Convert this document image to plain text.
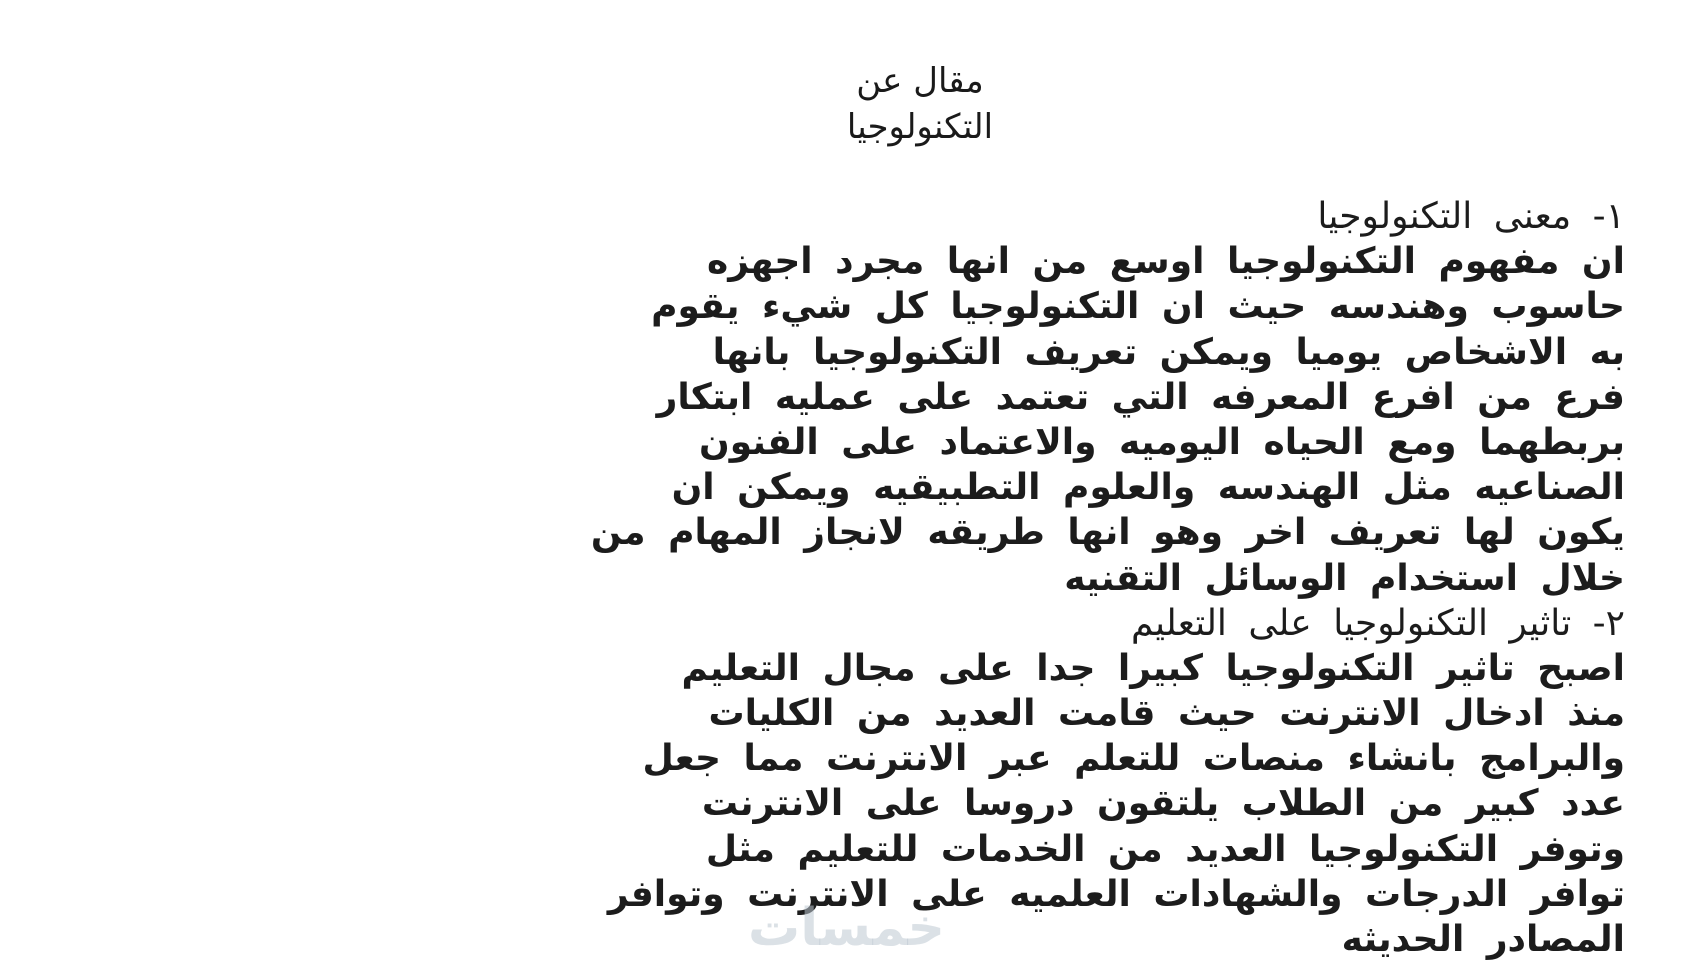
مقال عن
التكنولوجيا
١- معنى التكنولوجيا
ان مفهوم التكنولوجيا اوسع من انها مجرد اجهزه
حاسوب وهندسه حيث ان التكنولوجيا كل شيء يقوم
به الاشخاص يوميا ويمكن تعريف التكنولوجيا بانها
فرع من افرع المعرفه التي تعتمد على عمليه ابتكار
بربطهما ومع الحياه اليوميه والاعتماد على الفنون
الصناعيه مثل الهندسه والعلوم التطبيقيه ويمكن ان
يكون لها تعريف اخر وهو انها طريقه لانجاز المهام من
خلال استخدام الوسائل التقنيه
٢- تاثير التكنولوجيا على التعليم
اصبح تاثير التكنولوجيا كبيرا جدا على مجال التعليم
منذ ادخال الانترنت حيث قامت العديد من الكليات
والبرامج بانشاء منصات للتعلم عبر الانترنت مما جعل
عدد كبير من الطلاب يلتقون دروسا على الانترنت
وتوفر التكنولوجيا العديد من الخدمات للتعليم مثل
توافر الدرجات والشهادات العلميه على الانترنت وتوافر
المصادر الحديثه
خمسات
